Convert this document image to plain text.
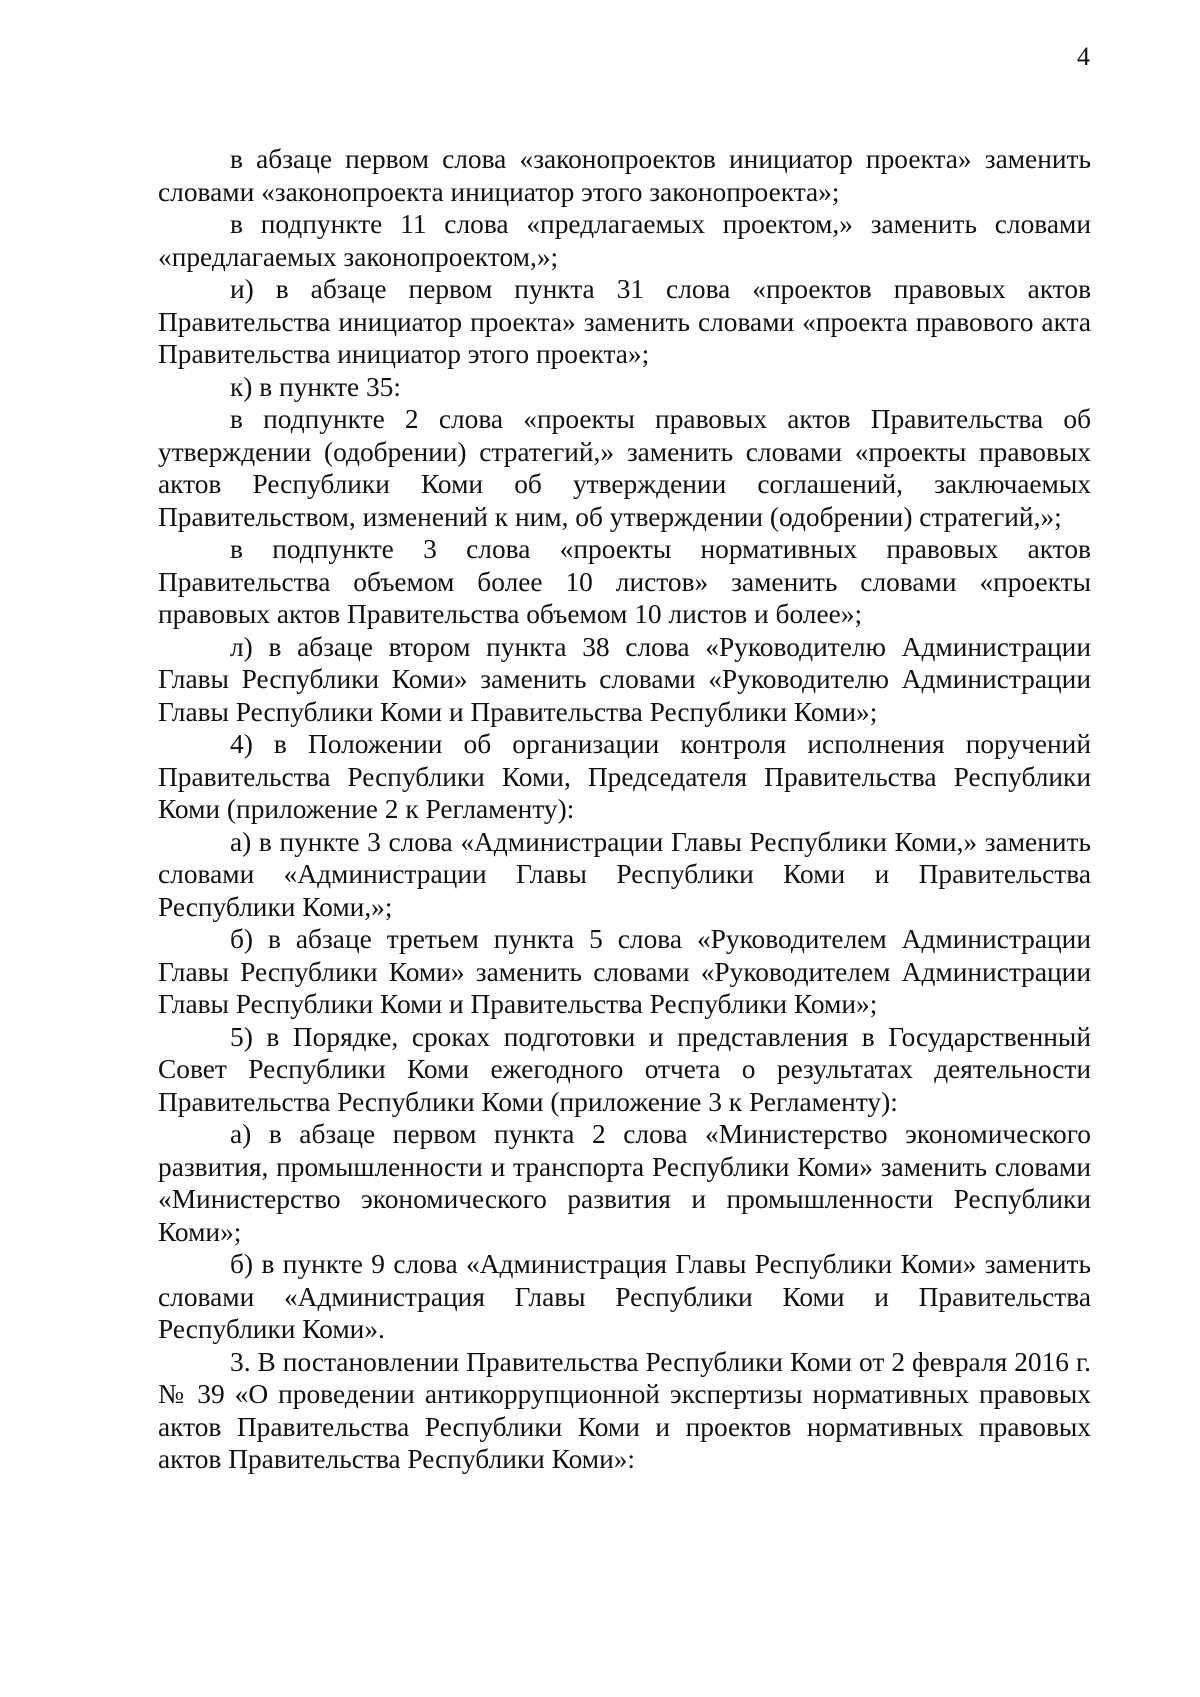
4

в абзаце первом слова «законопроектов инициатор проекта» заменить словами «законопроекта инициатор этого законопроекта»;

в подпункте 11 слова «предлагаемых проектом,» заменить словами «предлагаемых законопроектом,»;

и) в абзаце первом пункта 31 слова «проектов правовых актов Правительства инициатор проекта» заменить словами «проекта правового акта Правительства инициатор этого проекта»;

к) в пункте 35:

в подпункте 2 слова «проекты правовых актов Правительства об утверждении (одобрении) стратегий,» заменить словами «проекты правовых актов Республики Коми об утверждении соглашений, заключаемых Правительством, изменений к ним, об утверждении (одобрении) стратегий,»;

в подпункте 3 слова «проекты нормативных правовых актов Правительства объемом более 10 листов» заменить словами «проекты правовых актов Правительства объемом 10 листов и более»;

л) в абзаце втором пункта 38 слова «Руководителю Администрации Главы Республики Коми» заменить словами «Руководителю Администрации Главы Республики Коми и Правительства Республики Коми»;

4) в Положении об организации контроля исполнения поручений Правительства Республики Коми, Председателя Правительства Республики Коми (приложение 2 к Регламенту):

а) в пункте 3 слова «Администрации Главы Республики Коми,» заменить словами «Администрации Главы Республики Коми и Правительства Республики Коми,»;

б) в абзаце третьем пункта 5 слова «Руководителем Администрации Главы Республики Коми» заменить словами «Руководителем Администрации Главы Республики Коми и Правительства Республики Коми»;

5) в Порядке, сроках подготовки и представления в Государственный Совет Республики Коми ежегодного отчета о результатах деятельности Правительства Республики Коми (приложение 3 к Регламенту):

а) в абзаце первом пункта 2 слова «Министерство экономического развития, промышленности и транспорта Республики Коми» заменить словами «Министерство экономического развития и промышленности Республики Коми»;

б) в пункте 9 слова «Администрация Главы Республики Коми» заменить словами «Администрация Главы Республики Коми и Правительства Республики Коми».

3. В постановлении Правительства Республики Коми от 2 февраля 2016 г. № 39 «О проведении антикоррупционной экспертизы нормативных правовых актов Правительства Республики Коми и проектов нормативных правовых актов Правительства Республики Коми»:
